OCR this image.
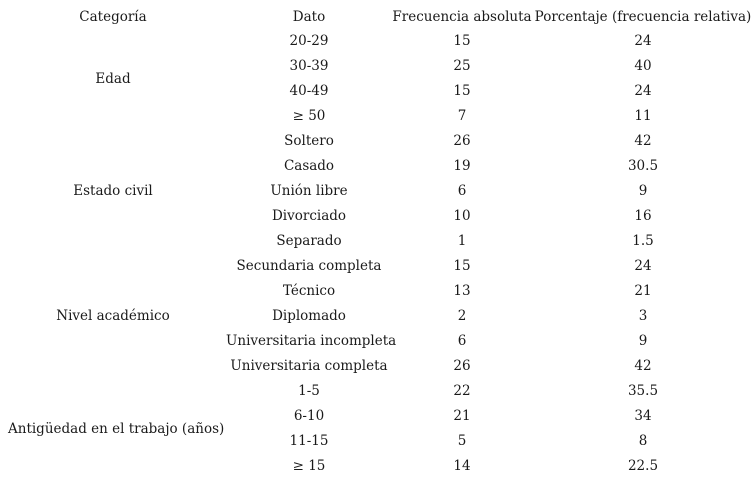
Categoría	Dato	Frecuencia absoluta	Porcentaje (frecuencia relativa)
Edad	20-29	15	24
	30-39	25	40
	40-49	15	24
	≥ 50	7	11
Estado civil	Soltero	26	42
	Casado	19	30.5
	Unión libre	6	9
	Divorciado	10	16
	Separado	1	1.5
Nivel académico	Secundaria completa	15	24
	Técnico	13	21
	Diplomado	2	3
	Universitaria incompleta	6	9
	Universitaria completa	26	42
Antigüedad en el trabajo (años)	1-5	22	35.5
	6-10	21	34
	11-15	5	8
	≥ 15	14	22.5
